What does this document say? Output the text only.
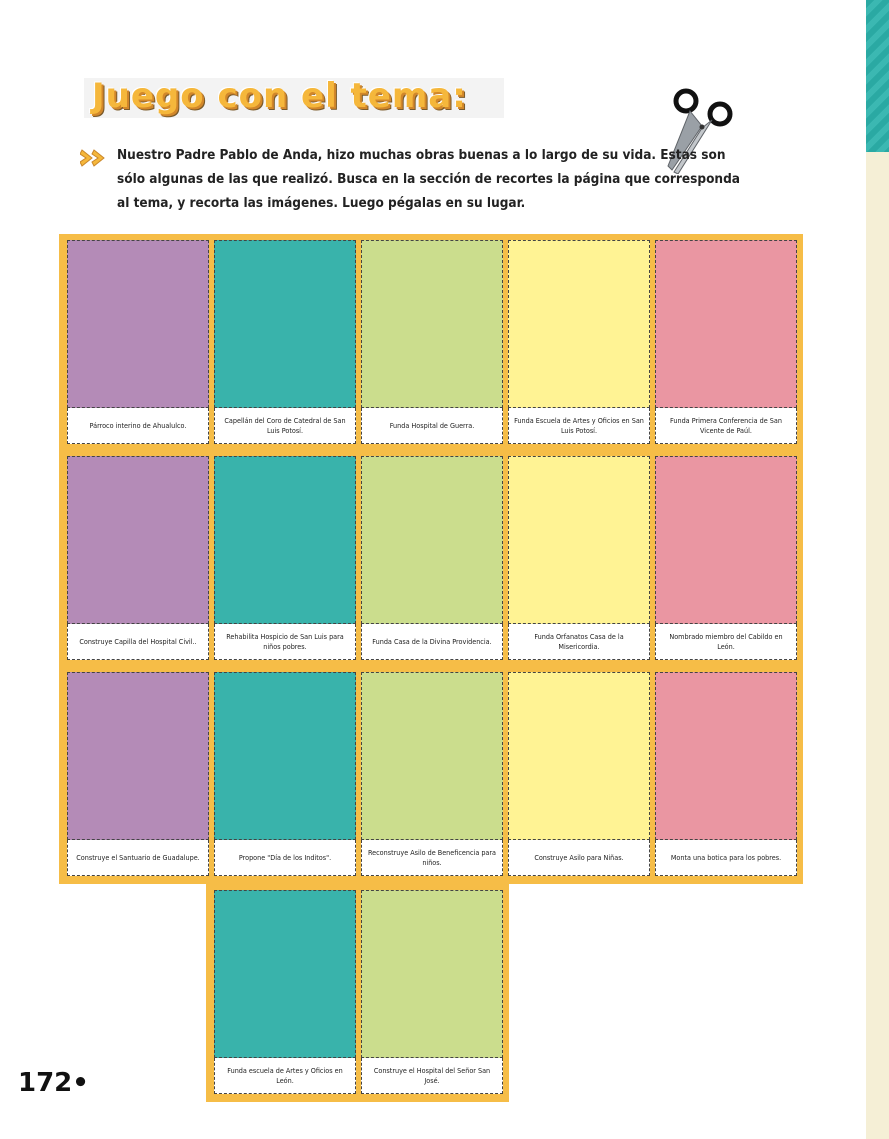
Juego con el tema:
Nuestro Padre Pablo de Anda, hizo muchas obras buenas a lo largo de su vida. Estas son
sólo algunas de las que realizó. Busca en la sección de recortes la página que corresponda
al tema, y recorta las imágenes. Luego pégalas en su lugar.
Párroco interino de Ahualulco.
Capellán del Coro de Catedral de San Luis Potosí.
Funda Hospital de Guerra.
Funda Escuela de Artes y Oficios en San Luis Potosí.
Funda Primera Conferencia de San Vicente de Paúl.
Construye Capilla del Hospital Civil..
Rehabilita Hospicio de San Luis para niños pobres.
Funda Casa de la Divina Providencia.
Funda Orfanatos Casa de la Misericordia.
Nombrado miembro del Cabildo en León.
Construye el Santuario de Guadalupe.	Propone "Día de los Inditos".
Reconstruye Asilo de Beneficencia para niños.
Construye Asilo para Niñas.	Monta una botica para los pobres.
Funda escuela de Artes y Oficios en León.
Construye el Hospital del Señor San José.
172•
